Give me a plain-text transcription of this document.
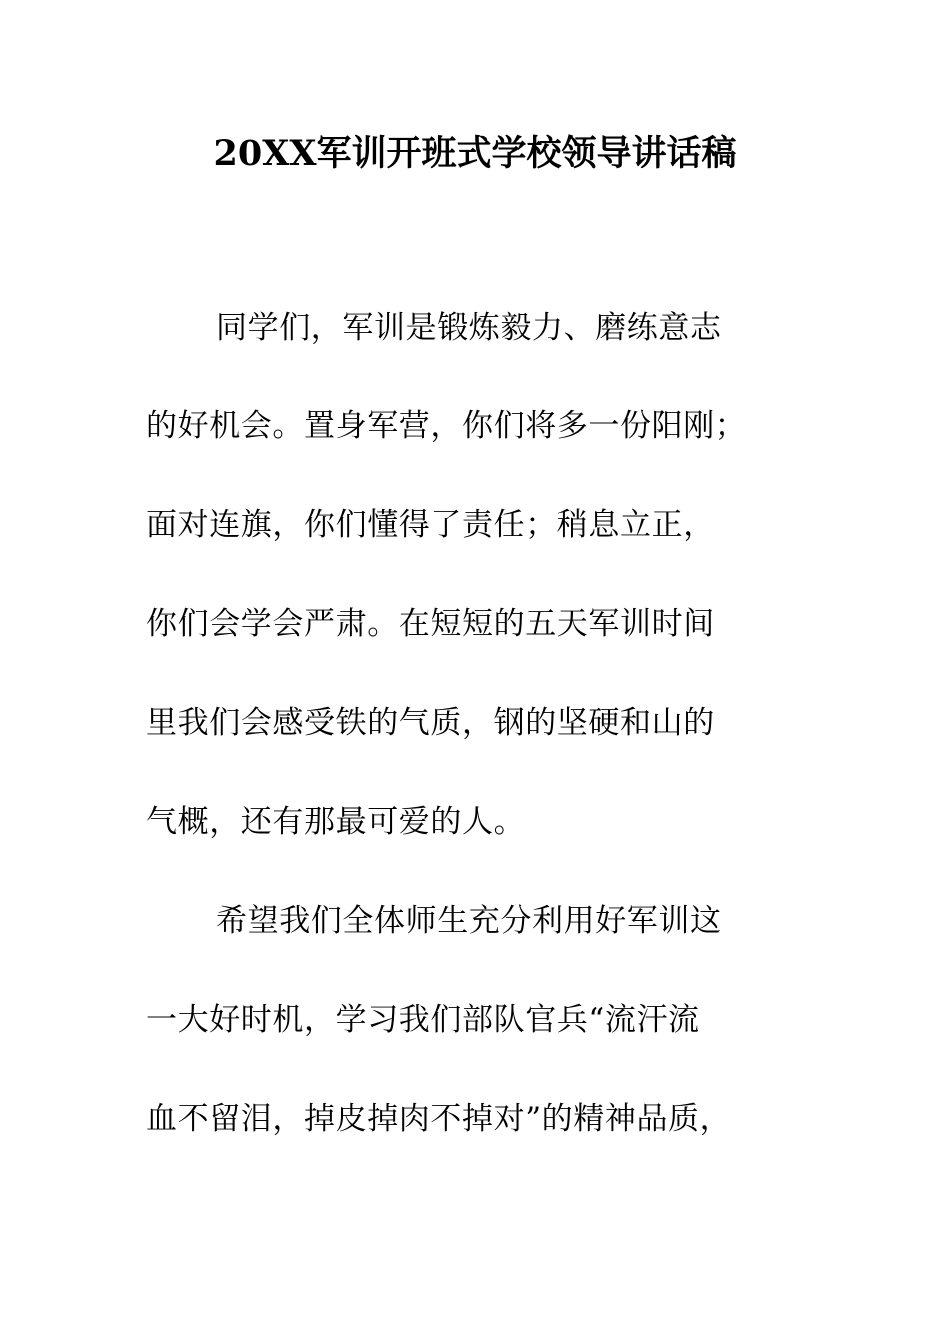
20XX军训开班式学校领导讲话稿
同学们，军训是锻炼毅力、磨练意志
的好机会。置身军营，你们将多一份阳刚；
面对连旗，你们懂得了责任；稍息立正，
你们会学会严肃。在短短的五天军训时间
里我们会感受铁的气质，钢的坚硬和山的
气概，还有那最可爱的人。
希望我们全体师生充分利用好军训这
一大好时机，学习我们部队官兵“流汗流
血不留泪，掉皮掉肉不掉对”的精神品质，
